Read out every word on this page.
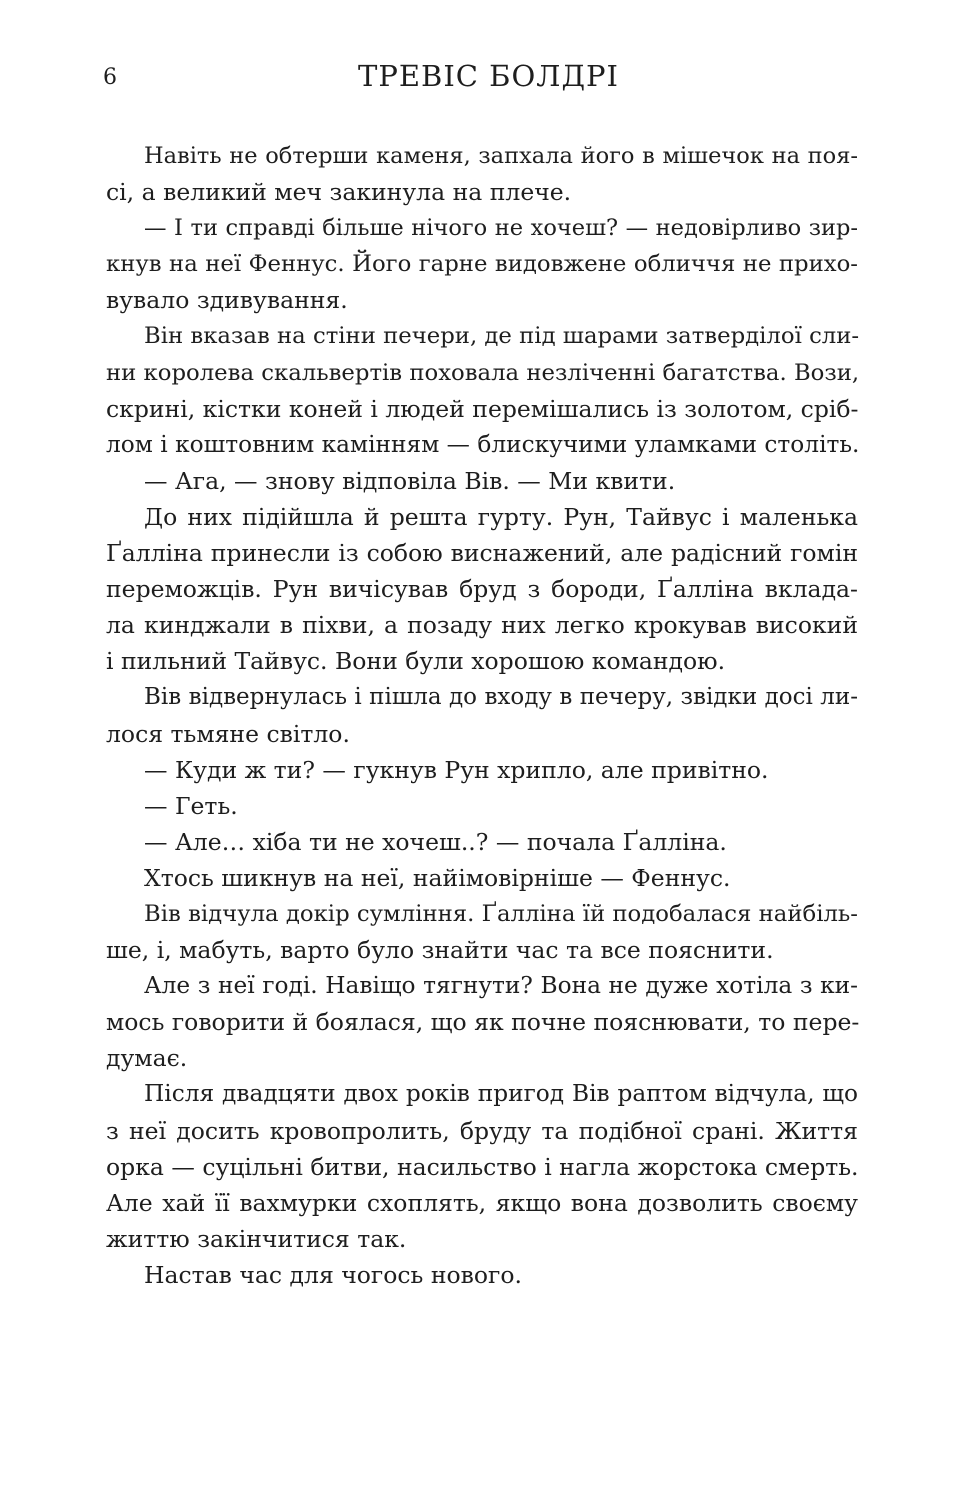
6	ТРЕВІС БОЛДРІ
Навіть не обтерши каменя, запхала його в мішечок на поя-
сі, а великий меч закинула на плече.
— І ти справді більше нічого не хочеш? — недовірливо зир-
кнув на неї Феннус. Його гарне видовжене обличчя не прихо-
вувало здивування.
Він вказав на стіни печери, де під шарами затверділої сли-
ни королева скальвертів поховала незліченні багатства. Вози,
скрині, кістки коней і людей перемішались із золотом, сріб-
лом і коштовним камінням — блискучими уламками століть.
— Ага, — знову відповіла Вів. — Ми квити.
До них підійшла й решта гурту. Рун, Тайвус і маленька
Ґалліна принесли із собою виснажений, але радісний гомін
переможців. Рун вичісував бруд з бороди, Ґалліна вклада-
ла кинджали в піхви, а позаду них легко крокував високий
і пильний Тайвус. Вони були хорошою командою.
Вів відвернулась і пішла до входу в печеру, звідки досі ли-
лося тьмяне світло.
— Куди ж ти? — гукнув Рун хрипло, але привітно.
— Геть.
— Але… хіба ти не хочеш..? — почала Ґалліна.
Хтось шикнув на неї, найімовірніше — Феннус.
Вів відчула докір сумління. Ґалліна їй подобалася найбіль-
ше, і, мабуть, варто було знайти час та все пояснити.
Але з неї годі. Навіщо тягнути? Вона не дуже хотіла з ки-
мось говорити й боялася, що як почне пояснювати, то пере-
думає.
Після двадцяти двох років пригод Вів раптом відчула, що
з неї досить кровопролить, бруду та подібної срані. Життя
орка — суцільні битви, насильство і нагла жорстока смерть.
Але хай її вахмурки схоплять, якщо вона дозволить своєму
життю закінчитися так.
Настав час для чогось нового.
